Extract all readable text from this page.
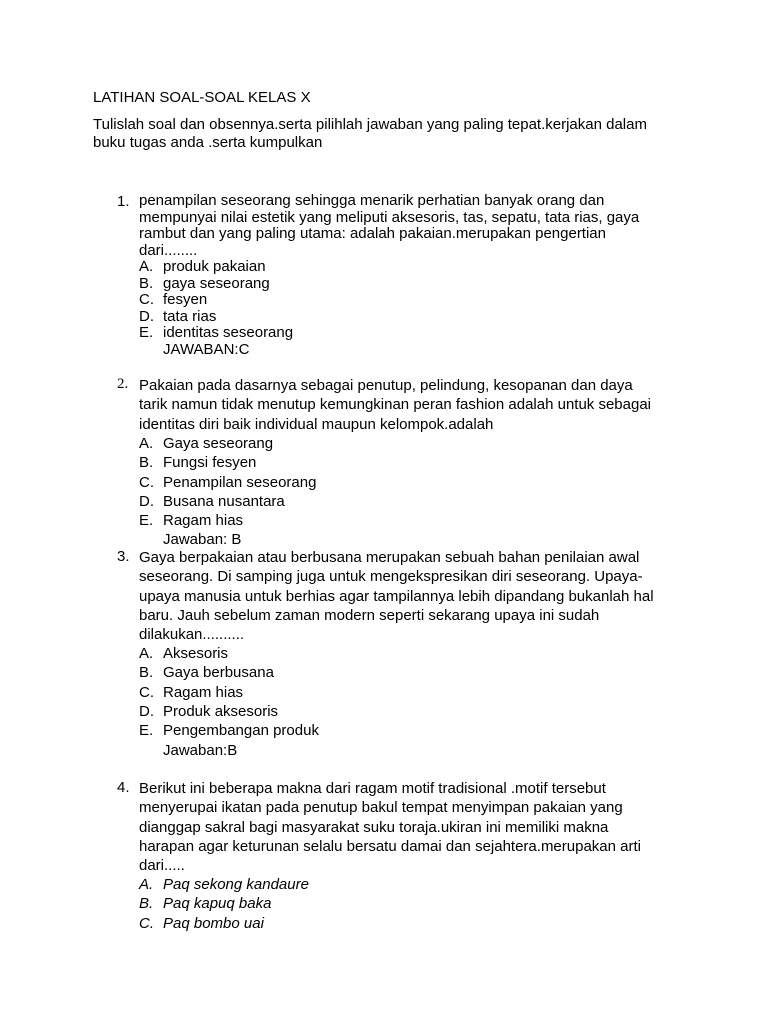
LATIHAN SOAL-SOAL KELAS X
Tulislah soal dan obsennya.serta pilihlah jawaban yang paling tepat.kerjakan dalam
buku tugas anda .serta kumpulkan
1. penampilan seseorang sehingga menarik perhatian banyak orang dan
mempunyai nilai estetik yang meliputi aksesoris, tas, sepatu, tata rias, gaya
rambut dan yang paling utama: adalah pakaian.merupakan pengertian
dari........
A. produk pakaian
B. gaya seseorang
C. fesyen
D. tata rias
E. identitas seseorang
JAWABAN:C
2. Pakaian pada dasarnya sebagai penutup, pelindung, kesopanan dan daya
tarik namun tidak menutup kemungkinan peran fashion adalah untuk sebagai
identitas diri baik individual maupun kelompok.adalah
A. Gaya seseorang
B. Fungsi fesyen
C. Penampilan seseorang
D. Busana nusantara
E. Ragam hias
Jawaban: B
3. Gaya berpakaian atau berbusana merupakan sebuah bahan penilaian awal
seseorang. Di samping juga untuk mengekspresikan diri seseorang. Upaya-
upaya manusia untuk berhias agar tampilannya lebih dipandang bukanlah hal
baru. Jauh sebelum zaman modern seperti sekarang upaya ini sudah
dilakukan..........
A. Aksesoris
B. Gaya berbusana
C. Ragam hias
D. Produk aksesoris
E. Pengembangan produk
Jawaban:B
4. Berikut ini beberapa makna dari ragam motif tradisional .motif tersebut
menyerupai ikatan pada penutup bakul tempat menyimpan pakaian yang
dianggap sakral bagi masyarakat suku toraja.ukiran ini memiliki makna
harapan agar keturunan selalu bersatu damai dan sejahtera.merupakan arti
dari.....
A. Paq sekong kandaure
B. Paq kapuq baka
C. Paq bombo uai
